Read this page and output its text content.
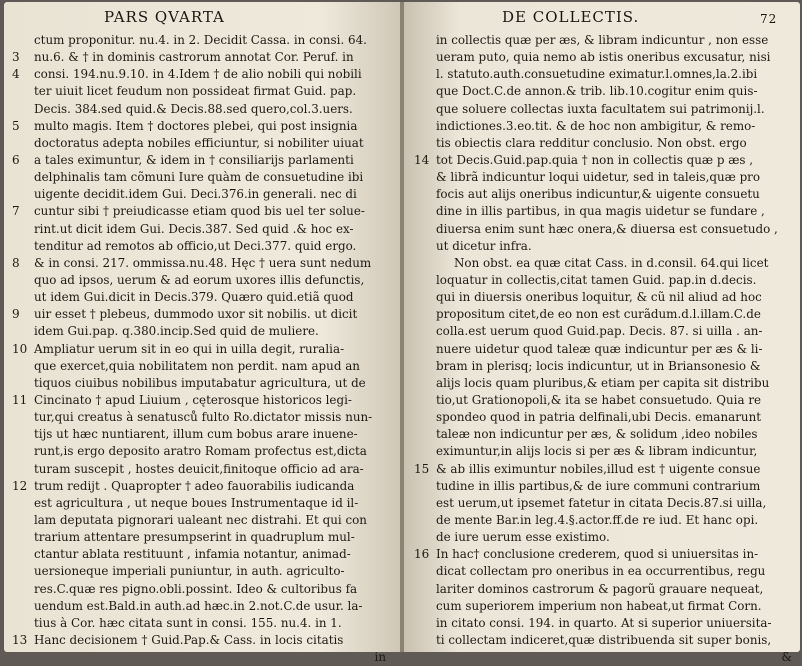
PARS QVARTA
ctum proponitur. nu.4. in 2. Decidit Cassa. in consi. 64.
3	nu.6. & † in dominis castrorum annotat Cor. Peruf. in
4	consi. 194.nu.9.10. in 4.Idem † de alio nobili qui nobili
ter uiuit licet feudum non possideat firmat Guid. pap.
Decis. 384.sed quid.& Decis.88.sed quero,col.3.uers.
5	multo magis. Item † doctores plebei, qui post insignia
doctoratus adepta nobiles efficiuntur, si nobiliter uiuat
6	a tales eximuntur, & idem in † consiliarijs parlamenti
delphinalis tam cõmuni Iure quàm de consuetudine ibi
uigente decidit.idem Gui. Deci.376.in generali. nec di
7	cuntur sibi † preiudicasse etiam quod bis uel ter solue-
rint.ut dicit idem Gui. Decis.387. Sed quid .& hoc ex-
tenditur ad remotos ab officio,ut Deci.377. quid ergo.
8	& in consi. 217. ommissa.nu.48. Hęc † uera sunt nedum
quo ad ipsos, uerum & ad eorum uxores illis defunctis,
ut idem Gui.dicit in Decis.379. Quæro quid.etiã quod
9	uir esset † plebeus, dummodo uxor sit nobilis. ut dicit
idem Gui.pap. q.380.incip.Sed quid de muliere.
10 Ampliatur uerum sit in eo qui in uilla degit, ruralia-
que exercet,quia nobilitatem non perdit. nam apud an
tiquos ciuibus nobilibus imputabatur agricultura, ut de
11 Cincinato † apud Liuium , cęterosque historicos legi-
tur,qui creatus à senatusců fulto Ro.dictator missis nun-
tijs ut hæc nuntiarent, illum cum bobus arare inuene-
runt,is ergo deposito aratro Romam profectus est,dicta
turam suscepit , hostes deuicit,finitoque officio ad ara-
12 trum redijt . Quapropter † adeo fauorabilis iudicanda
est agricultura , ut neque boues Instrumentaque id il-
lam deputata pignorari ualeant nec distrahi. Et qui con
trarium attentare presumpserint in quadruplum mul-
ctantur ablata restituunt , infamia notantur, animad-
uersioneque imperiali puniuntur, in auth. agriculto-
res.C.quæ res pigno.obli.possint. Ideo & cultoribus fa
uendum est.Bald.in auth.ad hæc.in 2.not.C.de usur. la-
tius à Cor. hæc citata sunt in consi. 155. nu.4. in 1.
13 Hanc decisionem † Guid.Pap.& Cass. in locis citatis
in
DE COLLECTIS.	72
in collectis quæ per æs, & libram indicuntur , non esse
ueram puto, quia nemo ab istis oneribus excusatur, nisi
l. statuto.auth.consuetudine eximatur.l.omnes,la.2.ibi
que Doct.C.de annon.& trib. lib.10.cogitur enim quis-
que soluere collectas iuxta facultatem sui patrimonij.l.
indictiones.3.eo.tit. & de hoc non ambigitur, & remo-
tis obiectis clara redditur conclusio. Non obst. ergo
14 tot Decis.Guid.pap.quia † non in collectis quæ p æs ,
& librã indicuntur loqui uidetur, sed in taleis,quæ pro
focis aut alijs oneribus indicuntur,& uigente consuetu
dine in illis partibus, in qua magis uidetur se fundare ,
diuersa enim sunt hæc onera,& diuersa est consuetudo ,
ut dicetur infra.
Non obst. ea quæ citat Cass. in d.consil. 64.qui licet
loquatur in collectis,citat tamen Guid. pap.in d.decis.
qui in diuersis oneribus loquitur, & cũ nil aliud ad hoc
propositum citet,de eo non est curãdum.d.l.illam.C.de
colla.est uerum quod Guid.pap. Decis. 87. si uilla . an-
nuere uidetur quod taleæ quæ indicuntur per æs & li-
bram in plerisq; locis indicuntur, ut in Briansonesio &
alijs locis quam pluribus,& etiam per capita sit distribu
tio,ut Grationopoli,& ita se habet consuetudo. Quia re
spondeo quod in patria delfinali,ubi Decis. emanarunt
taleæ non indicuntur per æs, & solidum ,ideo nobiles
eximuntur,in alijs locis si per æs & libram indicuntur,
15 & ab illis eximuntur nobiles,illud est † uigente consue
tudine in illis partibus,& de iure communi contrarium
est uerum,ut ipsemet fatetur in citata Decis.87.si uilla,
de mente Bar.in leg.4.§.actor.ff.de re iud. Et hanc opi.
de iure uerum esse existimo.
16 In hac† conclusione crederem, quod si uniuersitas in-
dicat collectam pro oneribus in ea occurrentibus, regu
lariter dominos castrorum & pagorũ grauare nequeat,
cum superiorem imperium non habeat,ut firmat Corn.
in citato consi. 194. in quarto. At si superior uniuersita-
ti collectam indiceret,quæ distribuenda sit super bonis,
&
